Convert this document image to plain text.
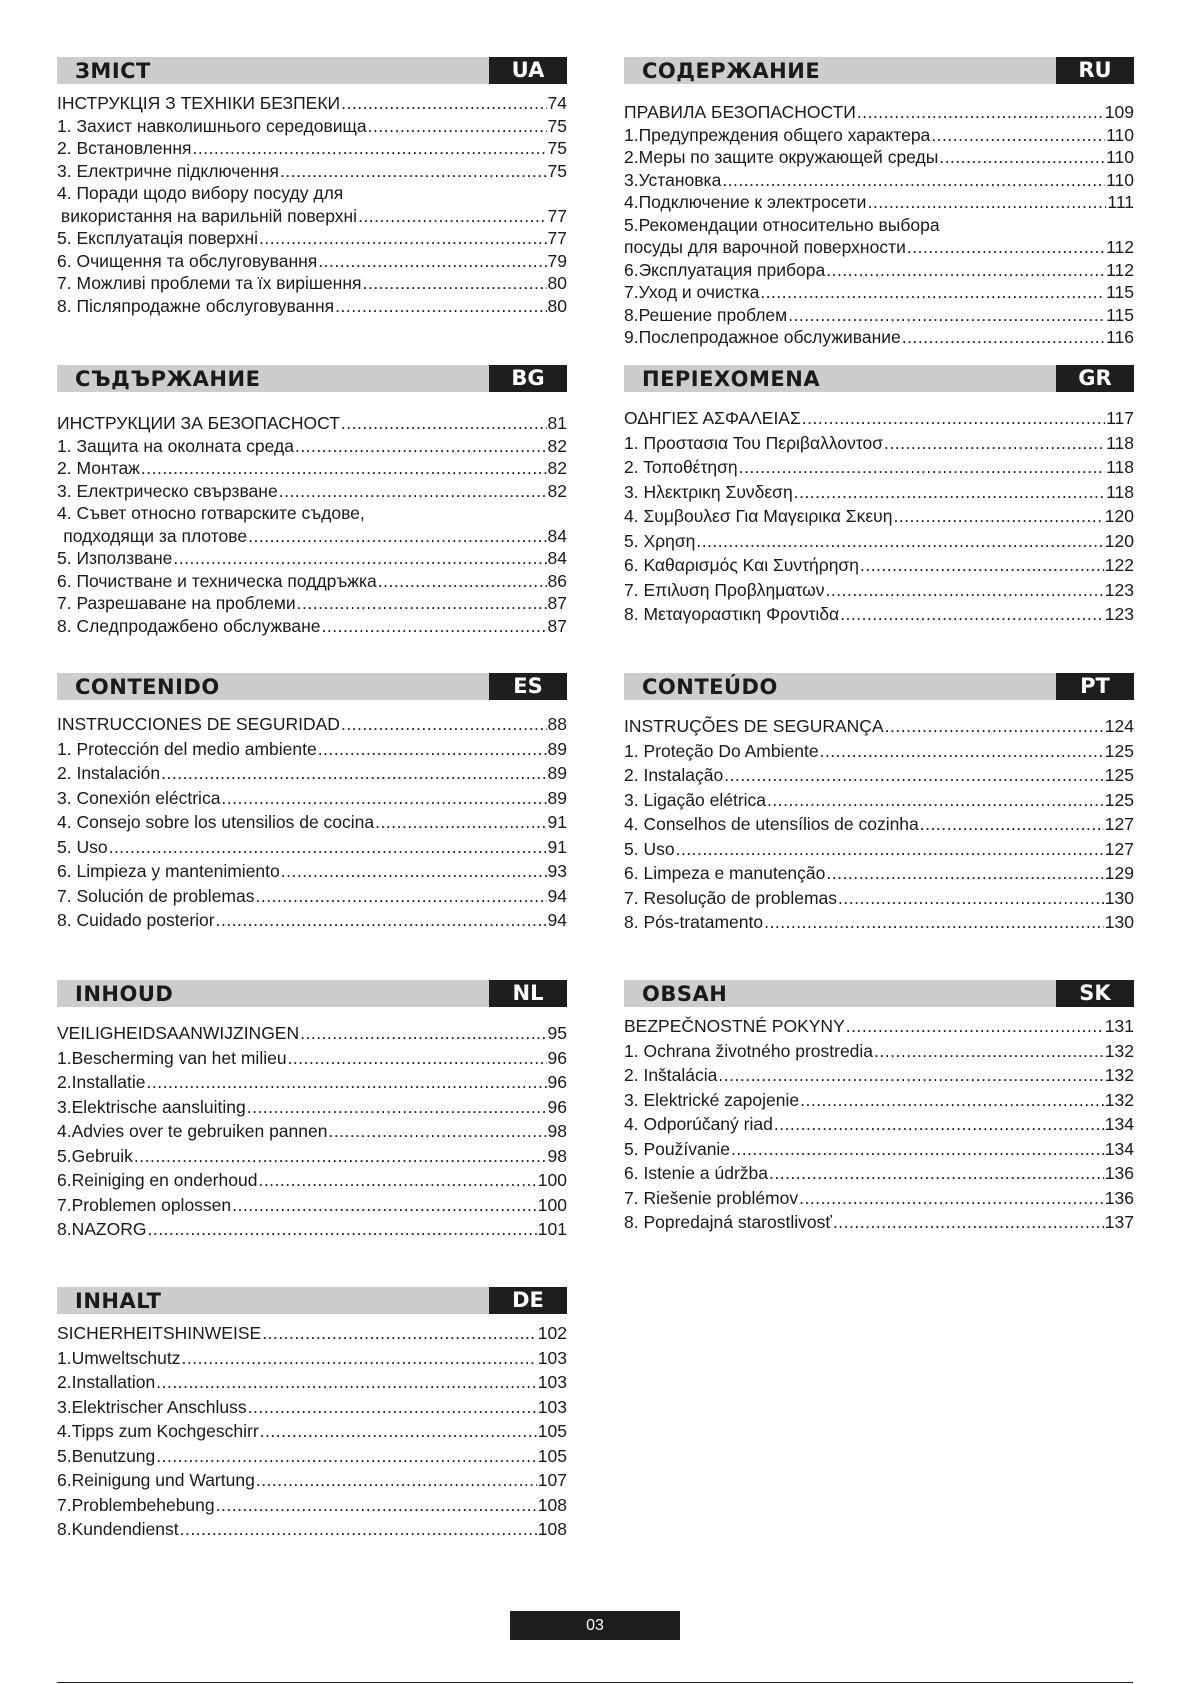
ЗМІСТ	UA
ІНСТРУКЦІЯ З ТЕХНІКИ БЕЗПЕКИ .....	74
1. Захист навколишнього середовища .....	75
2. Встановлення .....	75
3. Електричне підключення .....	75
4. Поради щодо вибору посуду для
використання на варильній поверхні .....	77
5. Експлуатація поверхні .....	77
6. Очищення та обслуговування .....	79
7. Можливі проблеми та їх вирішення .....	80
8. Післяпродажне обслуговування .....	80
СОДЕРЖАНИЕ	RU
ПРАВИЛА БЕЗОПАСНОСТИ .....	109
1.Предупреждения общего характера .....	110
2.Меры по защите окружающей среды .....	110
3.Установка .....	110
4.Подключение к электросети .....	111
5.Рекомендации относительно выбора
посуды для варочной поверхности .....	112
6.Эксплуатация прибора .....	112
7.Уход и очистка .....	115
8.Решение проблем .....	115
9.Послепродажное обслуживание .....	116
СЪДЪРЖАНИЕ	BG
ИНСТРУКЦИИ ЗА БЕЗОПАСНОСТ .....	81
1. Защита на околната среда .....	82
2. Монтаж .....	82
3. Електрическо свързване .....	82
4. Съвет относно готварските съдове,
подходящи за плотове .....	84
5. Използване .....	84
6. Почистване и техническа поддръжка .....	86
7. Разрешаване на проблеми .....	87
8. Следпродажбено обслужване .....	87
ΠΕΡΙΕΧΟΜΕΝΑ	GR
ΟΔΗΓΙΕΣ ΑΣΦΑΛΕΙΑΣ .....	117
1. Προστασια Του Περιβαλλοντοσ .....	118
2. Τοποθέτηση .....	118
3. Ηλεκτρικη Συνδεση .....	118
4. Συμβουλεσ Για Μαγειρικα Σκευη .....	120
5. Χρηση .....	120
6. Καθαρισμός Και Συντήρηση .....	122
7. Επιλυση Προβληματων .....	123
8. Μεταγοραστικη Φροντιδα .....	123
CONTENIDO	ES
INSTRUCCIONES DE SEGURIDAD .....	88
1. Protección del medio ambiente .....	89
2. Instalación .....	89
3. Conexión eléctrica .....	89
4. Consejo sobre los utensilios de cocina .....	91
5. Uso .....	91
6. Limpieza y mantenimiento .....	93
7. Solución de problemas .....	94
8. Cuidado posterior .....	94
CONTEÚDO	PT
INSTRUÇÕES DE SEGURANÇA .....	124
1. Proteção Do Ambiente .....	125
2. Instalação .....	125
3. Ligação elétrica .....	125
4. Conselhos de utensílios de cozinha .....	127
5. Uso .....	127
6. Limpeza e manutenção .....	129
7. Resolução de problemas .....	130
8. Pós-tratamento .....	130
INHOUD	NL
VEILIGHEIDSAANWIJZINGEN .....	95
1.Bescherming van het milieu .....	96
2.Installatie .....	96
3.Elektrische aansluiting .....	96
4.Advies over te gebruiken pannen .....	98
5.Gebruik .....	98
6.Reiniging en onderhoud .....	100
7.Problemen oplossen .....	100
8.NAZORG .....	101
OBSAH	SK
BEZPEČNOSTNÉ POKYNY .....	131
1. Ochrana životného prostredia .....	132
2. Inštalácia .....	132
3. Elektrické zapojenie .....	132
4. Odporúčaný riad .....	134
5. Používanie .....	134
6. Istenie a údržba .....	136
7. Riešenie problémov .....	136
8. Popredajná starostlivosť .....	137
INHALT	DE
SICHERHEITSHINWEISE .....	102
1.Umweltschutz .....	103
2.Installation .....	103
3.Elektrischer Anschluss .....	103
4.Tipps zum Kochgeschirr .....	105
5.Benutzung .....	105
6.Reinigung und Wartung .....	107
7.Problembehebung .....	108
8.Kundendienst .....	108
03
